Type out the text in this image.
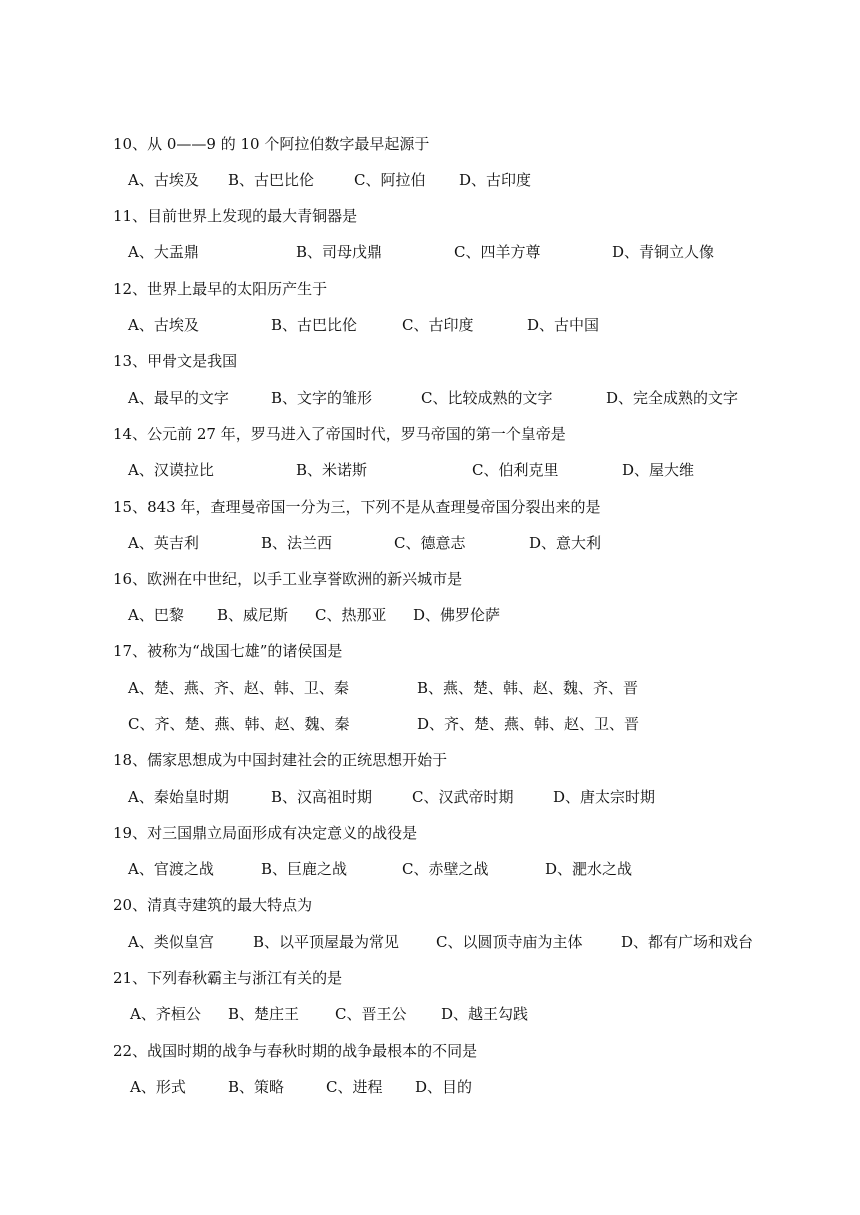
10、从 0——9 的 10 个阿拉伯数字最早起源于

A、古埃及

B、古巴比伦

	C、阿拉伯

D、古印度

11、目前世界上发现的最大青铜器是

A、大盂鼎

	B、司母戊鼎

	C、四羊方尊

	D、青铜立人像

12、世界上最早的太阳历产生于

A、古埃及

	B、古巴比伦

	C、古印度

	D、古中国

13、甲骨文是我国

A、最早的文字

	B、文字的雏形

	C、比较成熟的文字

	D、完全成熟的文字

14、公元前 27 年，罗马进入了帝国时代，罗马帝国的第一个皇帝是

A、汉谟拉比

	B、米诺斯

	C、伯利克里

	D、屋大维

15、843 年，查理曼帝国一分为三，下列不是从查理曼帝国分裂出来的是

A、英吉利

	B、法兰西

	C、德意志

	D、意大利

16、欧洲在中世纪，以手工业享誉欧洲的新兴城市是

A、巴黎

B、威尼斯

C、热那亚

D、佛罗伦萨

17、被称为“战国七雄”的诸侯国是

A、楚、燕、齐、赵、韩、卫、秦

	B、燕、楚、韩、赵、魏、齐、晋

C、齐、楚、燕、韩、赵、魏、秦

	D、齐、楚、燕、韩、赵、卫、晋

18、儒家思想成为中国封建社会的正统思想开始于

A、秦始皇时期

	B、汉高祖时期

	C、汉武帝时期

	D、唐太宗时期

19、对三国鼎立局面形成有决定意义的战役是

A、官渡之战

	B、巨鹿之战

	C、赤壁之战

	D、淝水之战

20、清真寺建筑的最大特点为

A、类似皇宫

	B、以平顶屋最为常见

C、以圆顶寺庙为主体

	D、都有广场和戏台

21、下列春秋霸主与浙江有关的是

A、齐桓公

B、楚庄王

C、晋王公

D、越王勾践

22、战国时期的战争与春秋时期的战争最根本的不同是

A、形式

	B、策略

	C、进程

D、目的
